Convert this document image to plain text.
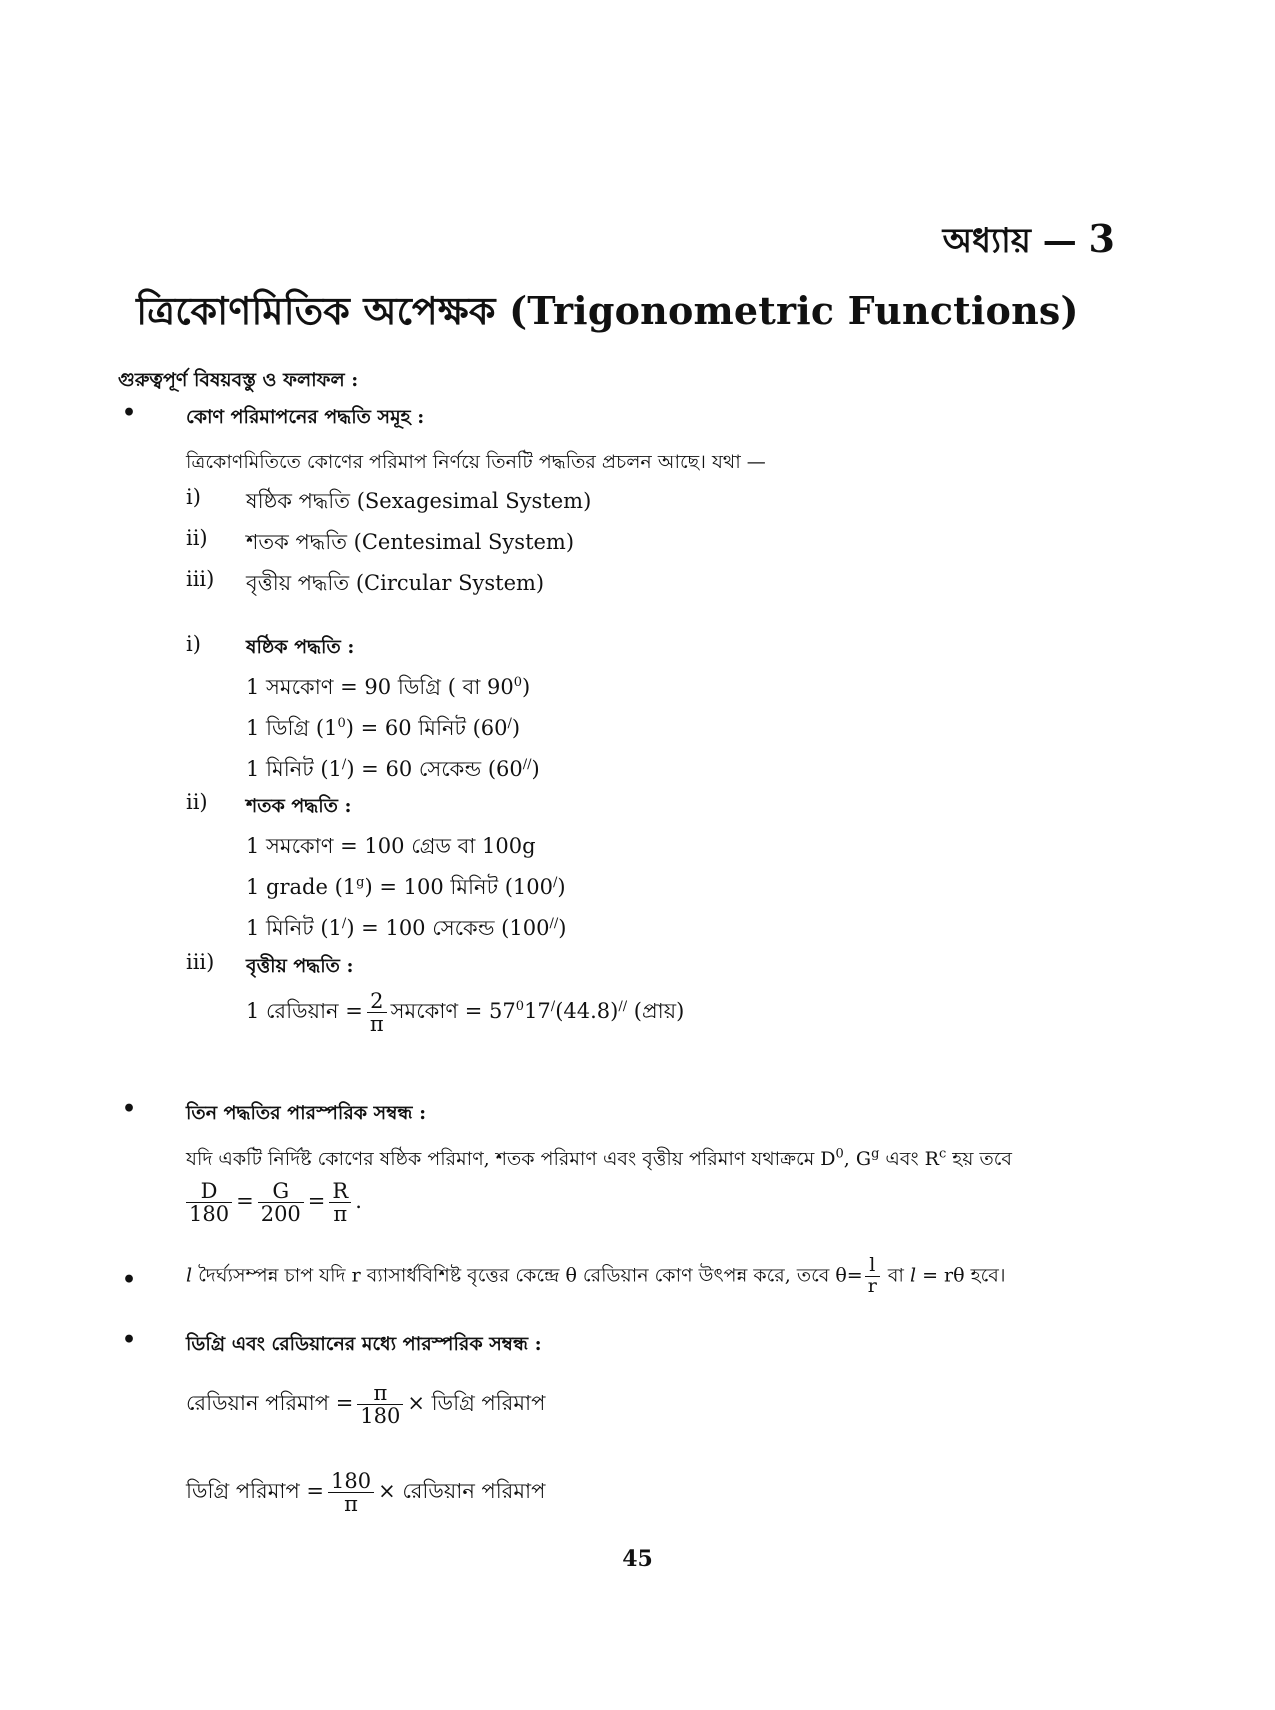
অধ্যায় — 3
ত্রিকোণমিতিক অপেক্ষক (Trigonometric Functions)
গুরুত্বপূর্ণ বিষয়বস্তু ও ফলাফল :
•	কোণ পরিমাপনের পদ্ধতি সমূহ :
ত্রিকোণমিতিতে কোণের পরিমাপ নির্ণয়ে তিনটি পদ্ধতির প্রচলন আছে। যথা —
i) ষষ্ঠিক পদ্ধতি (Sexagesimal System)
ii) শতক পদ্ধতি (Centesimal System)
iii) বৃত্তীয় পদ্ধতি (Circular System)
i) ষষ্ঠিক পদ্ধতি :
1 সমকোণ = 90 ডিগ্রি ( বা $90^0$)
1 ডিগ্রি $(1^0) = 60$ মিনিট (60/)
1 মিনিট (1/) = 60 সেকেন্ড (60//)
ii) শতক পদ্ধতি :
1 সমকোণ = 100 গ্রেড বা 100g
1 grade $(1^g) = 100$ মিনিট (100/)
1 মিনিট (1/) = 100 সেকেন্ড (100//)
iii) বৃত্তীয় পদ্ধতি :
1 রেডিয়ান = $\frac{2}{\pi}$ সমকোণ = $57^017^/(44.8)^{//}$ (প্রায়)
•	তিন পদ্ধতির পারস্পরিক সম্বন্ধ :
যদি একটি নির্দিষ্ট কোণের ষষ্ঠিক পরিমাণ, শতক পরিমাণ এবং বৃত্তীয় পরিমাণ যথাক্রমে $D^0$, $G^g$ এবং $R^c$ হয় তবে
$\frac{D}{180} = \frac{G}{200} = \frac{R}{\pi}$ .
•	l দৈর্ঘ্যসম্পন্ন চাপ যদি r ব্যাসার্ধবিশিষ্ট বৃত্তের কেন্দ্রে θ রেডিয়ান কোণ উৎপন্ন করে, তবে $\theta= \frac{l}{r}$ বা l = rθ হবে।
•	ডিগ্রি এবং রেডিয়ানের মধ্যে পারস্পরিক সম্বন্ধ :
রেডিয়ান পরিমাপ = $\frac{\pi}{180}$ × ডিগ্রি পরিমাপ
ডিগ্রি পরিমাপ = $\frac{180}{\pi}$ × রেডিয়ান পরিমাপ
45
